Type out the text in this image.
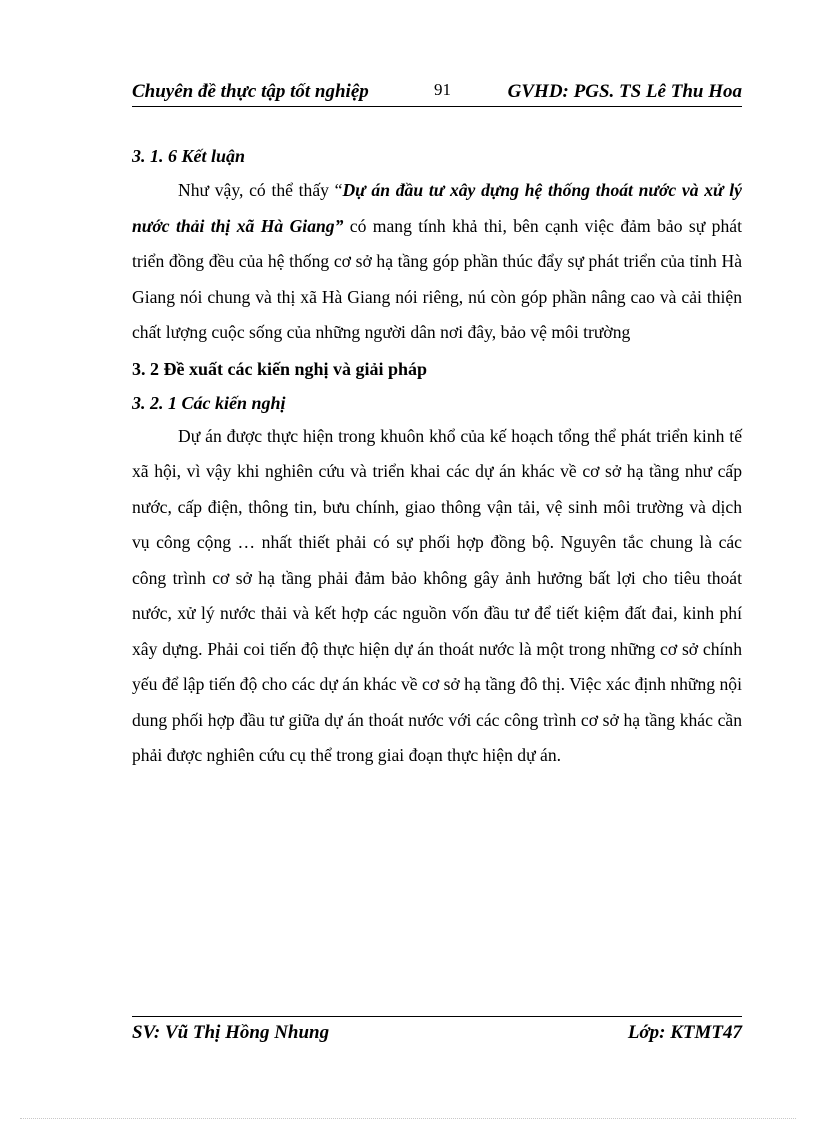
Chuyên đề thực tập tốt nghiệp	91	GVHD: PGS. TS Lê Thu Hoa

3. 1. 6 Kết luận

Như vậy, có thể thấy “Dự án đầu tư xây dựng hệ thống thoát nước và xử lý nước thải thị xã Hà Giang” có mang tính khả thi, bên cạnh việc đảm bảo sự phát triển đồng đều của hệ thống cơ sở hạ tầng góp phần thúc đẩy sự phát triển của tỉnh Hà Giang nói chung và thị xã Hà Giang nói riêng, nú còn góp phần nâng cao và cải thiện chất lượng cuộc sống của những người dân nơi đây, bảo vệ môi trường

3. 2 Đề xuất các kiến nghị và giải pháp

3. 2. 1 Các kiến nghị

Dự án được thực hiện trong khuôn khổ của kế hoạch tổng thể phát triển kinh tế xã hội, vì vậy khi nghiên cứu và triển khai các dự án khác về cơ sở hạ tầng như cấp nước, cấp điện, thông tin, bưu chính, giao thông vận tải, vệ sinh môi trường và dịch vụ công cộng … nhất thiết phải có sự phối hợp đồng bộ. Nguyên tắc chung là các công trình cơ sở hạ tầng phải đảm bảo không gây ảnh hưởng bất lợi cho tiêu thoát nước, xử lý nước thải và kết hợp các nguồn vốn đầu tư để tiết kiệm đất đai, kinh phí xây dựng. Phải coi tiến độ thực hiện dự án thoát nước là một trong những cơ sở chính yếu để lập tiến độ cho các dự án khác về cơ sở hạ tầng đô thị. Việc xác định những nội dung phối hợp đầu tư giữa dự án thoát nước với các công trình cơ sở hạ tầng khác cần phải được nghiên cứu cụ thể trong giai đoạn thực hiện dự án.

SV: Vũ Thị Hồng Nhung	Lớp: KTMT47
